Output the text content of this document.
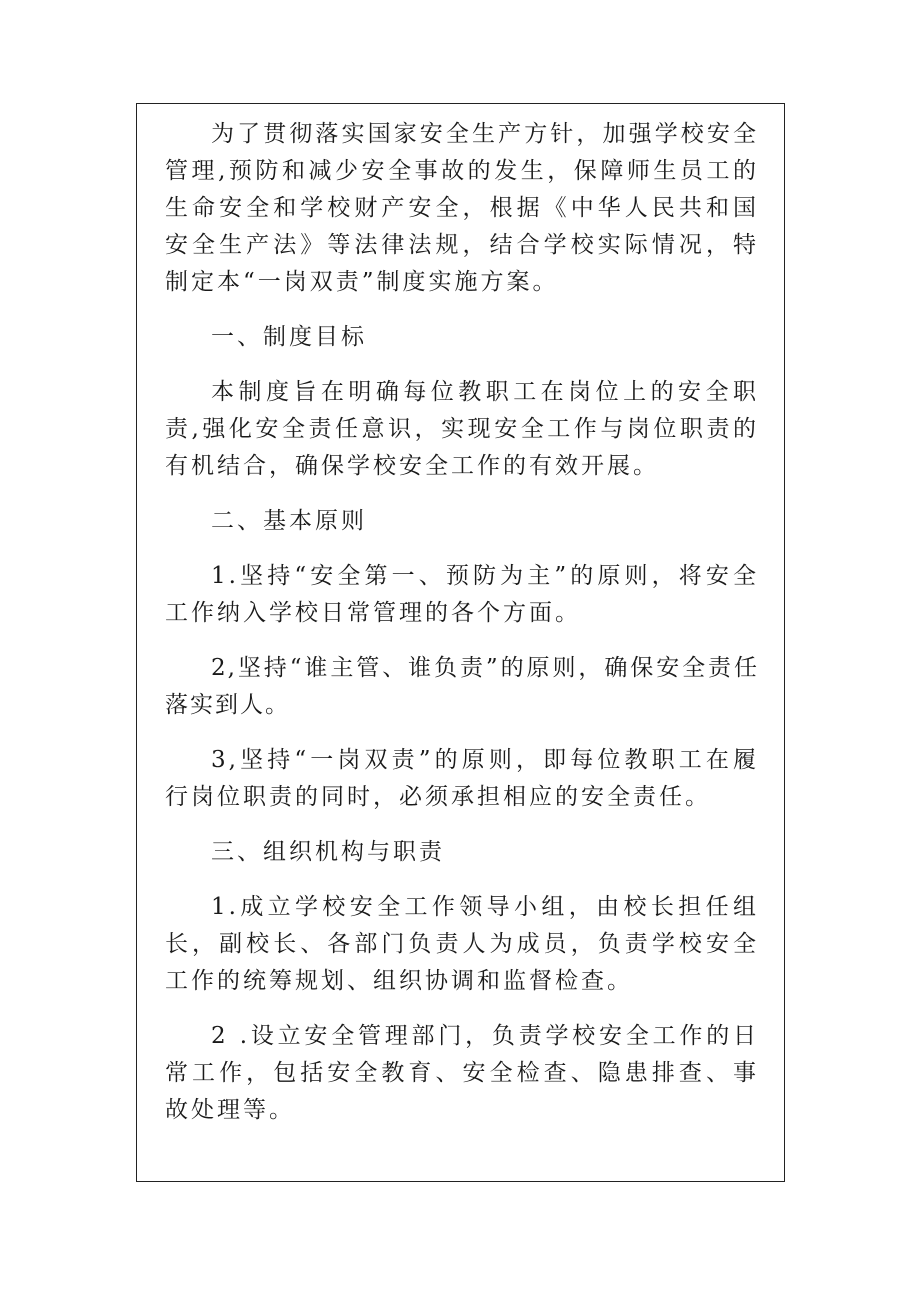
为了贯彻落实国家安全生产方针，加强学校安全管理,预防和减少安全事故的发生，保障师生员工的生命安全和学校财产安全，根据《中华人民共和国安全生产法》等法律法规，结合学校实际情况，特制定本“一岗双责”制度实施方案。

一、制度目标

本制度旨在明确每位教职工在岗位上的安全职责,强化安全责任意识，实现安全工作与岗位职责的有机结合，确保学校安全工作的有效开展。

二、基本原则

1.坚持“安全第一、预防为主”的原则，将安全工作纳入学校日常管理的各个方面。

2,坚持“谁主管、谁负责”的原则，确保安全责任落实到人。

3,坚持“一岗双责”的原则，即每位教职工在履行岗位职责的同时，必须承担相应的安全责任。

三、组织机构与职责

1.成立学校安全工作领导小组，由校长担任组长，副校长、各部门负责人为成员，负责学校安全工作的统筹规划、组织协调和监督检查。

2 .设立安全管理部门，负责学校安全工作的日常工作，包括安全教育、安全检查、隐患排查、事故处理等。
